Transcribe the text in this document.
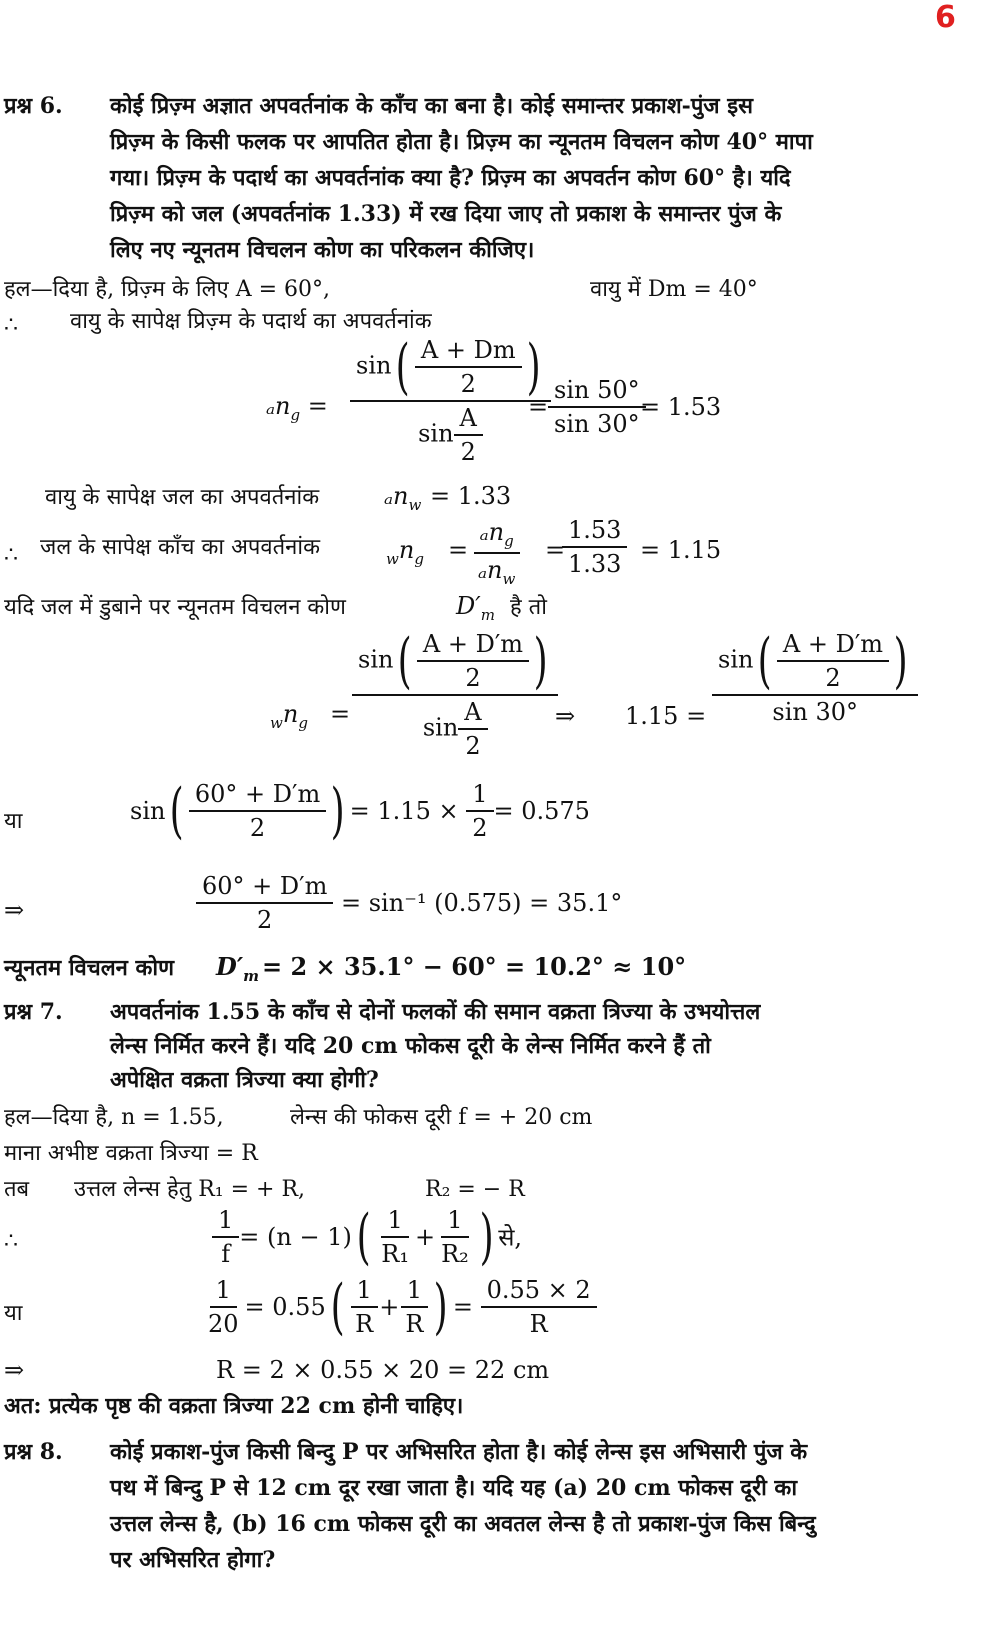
6
प्रश्न 6. कोई प्रिज़्म अज्ञात अपवर्तनांक के काँच का बना है। कोई समान्तर प्रकाश-पुंज इस
प्रिज़्म के किसी फलक पर आपतित होता है। प्रिज़्म का न्यूनतम विचलन कोण 40° मापा
गया। प्रिज़्म के पदार्थ का अपवर्तनांक क्या है? प्रिज़्म का अपवर्तन कोण 60° है। यदि
प्रिज़्म को जल (अपवर्तनांक 1.33) में रख दिया जाए तो प्रकाश के समान्तर पुंज के
लिए नए न्यूनतम विचलन कोण का परिकलन कीजिए।
हल—दिया है, प्रिज़्म के लिए A = 60°,	वायु में Dm = 40°
∴ वायु के सापेक्ष प्रिज़्म के पदार्थ का अपवर्तनांक
$_an_g = \frac{\sin( \frac{A + Dm}{2} )}{\sin \frac{A}{2}}$
= $\frac{\sin 50^\circ}{\sin 30^\circ}$
= 1.53
वायु के सापेक्ष जल का अपवर्तनांक	ₐn$_w$ = 1.33
∴ जल के सापेक्ष काँच का अपवर्तनांक	$_wn_g = \frac{_an_g}{_an_w}$ =
$\frac{1.53}{1.33} = 1.15$
यदि जल में डुबाने पर न्यूनतम विचलन कोण	$D'_m$ है तो
$_wn_g = \frac{\sin( \frac{A + D'm}{2} )}{\sin \frac{A}{2}}$
⇒ $1.15 = \frac{\sin( \frac{A + D'm}{2} )}{\sin 30^\circ}$
या	$\sin( \frac{60^\circ + D'm}{2}$ ) = $1.15 \times \frac{1}{2} = 0.575$
⇒	$\frac{60^\circ + D'm}{2} = \sin^{-1}$ (0.575) = 35.1°
न्यूनतम विचलन कोण $D'_m = 2 \times 35.1^\circ - 60^\circ = 10.2^\circ \approx 10^\circ$
प्रश्न 7. अपवर्तनांक 1.55 के काँच से दोनों फलकों की समान वक्रता त्रिज्या के उभयोत्तल
लेन्स निर्मित करने हैं। यदि 20 cm फोकस दूरी के लेन्स निर्मित करने हैं तो
अपेक्षित वक्रता त्रिज्या क्या होगी?
हल—दिया है, n = 1.55,	लेन्स की फोकस दूरी f = + 20 cm
माना अभीष्ट वक्रता त्रिज्या = R
तब उत्तल लेन्स हेतु R₁ = + R,	R₂ = − R
∴	$\frac{1}{f} = (n - 1)( \frac{1}{\text{R₁}} + \frac{1}{\text{R₂}}$ ) से,
या	$\frac{1}{20} = 0.55( \frac{1}{R} + \frac{1}{R}$ ) = $\frac{0.55 \times 2}{R}$
⇒	R = 2 × 0.55 × 20 = 22 cm
अत: प्रत्येक पृष्ठ की वक्रता त्रिज्या 22 cm होनी चाहिए।
प्रश्न 8. कोई प्रकाश-पुंज किसी बिन्दु P पर अभिसरित होता है। कोई लेन्स इस अभिसारी पुंज के
पथ में बिन्दु P से 12 cm दूर रखा जाता है। यदि यह (a) 20 cm फोकस दूरी का
उत्तल लेन्स है, (b) 16 cm फोकस दूरी का अवतल लेन्स है तो प्रकाश-पुंज किस बिन्दु
पर अभिसरित होगा?
